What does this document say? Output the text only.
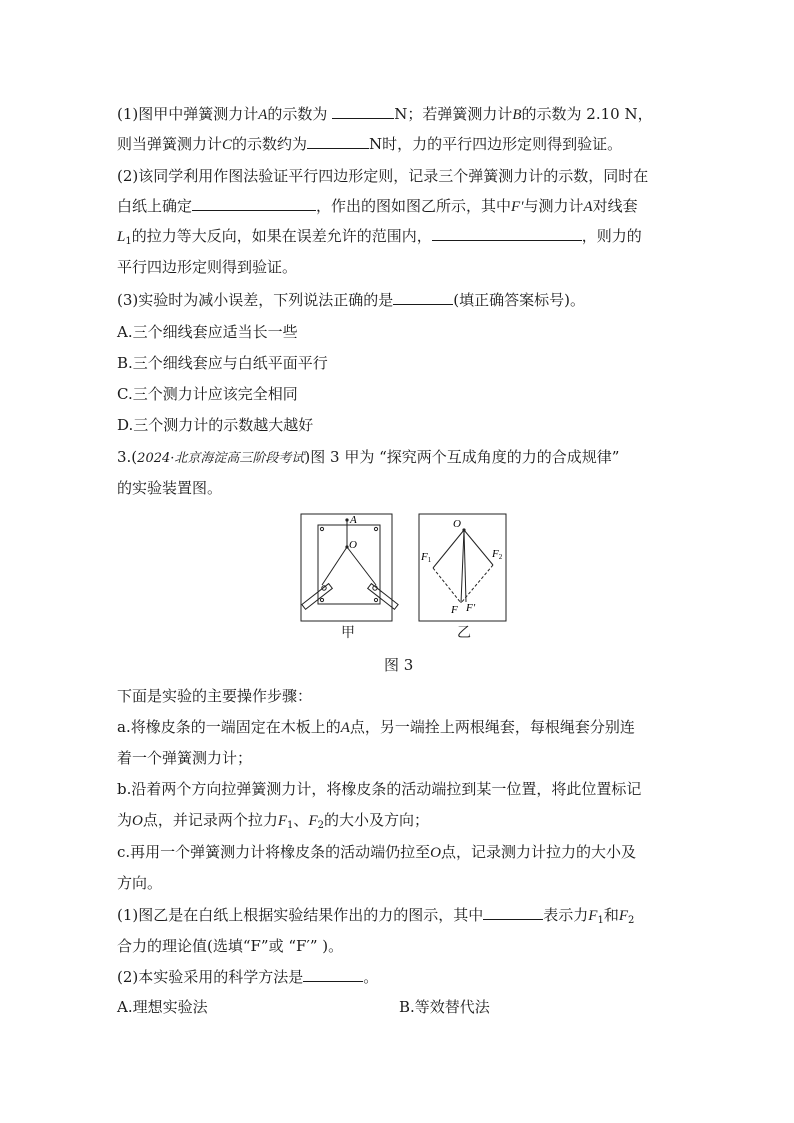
(1)图甲中弹簧测力计A的示数为	N；若弹簧测力计B的示数为 2.10 N，
则当弹簧测力计C的示数约为	N时，力的平行四边形定则得到验证。
(2)该同学利用作图法验证平行四边形定则，记录三个弹簧测力计的示数，同时在
白纸上确定	，作出的图如图乙所示，其中F′与测力计A对线套
$L_1$的拉力等大反向，如果在误差允许的范围内，	，则力的
平行四边形定则得到验证。
(3)实验时为减小误差，下列说法正确的是	(填正确答案标号)。
A.三个细线套应适当长一些
B.三个细线套应与白纸平面平行
C.三个测力计应该完全相同
D.三个测力计的示数越大越好
3.(2024·北京海淀高三阶段考试)图 3 甲为 “探究两个互成角度的力的合成规律”
的实验装置图。
A
O
O
F1	F2
F F′
甲	乙
图 3
下面是实验的主要操作步骤：
a.将橡皮条的一端固定在木板上的A点，另一端拴上两根绳套，每根绳套分别连
着一个弹簧测力计；
b.沿着两个方向拉弹簧测力计，将橡皮条的活动端拉到某一位置，将此位置标记
为O点，并记录两个拉力$F_1$、$F_2$的大小及方向；
c.再用一个弹簧测力计将橡皮条的活动端仍拉至O点，记录测力计拉力的大小及
方向。
(1)图乙是在白纸上根据实验结果作出的力的图示，其中	表示力$F_1$和$F_2$
合力的理论值(选填“F”或 “F′” )。
(2)本实验采用的科学方法是	。
A.理想实验法	B.等效替代法
